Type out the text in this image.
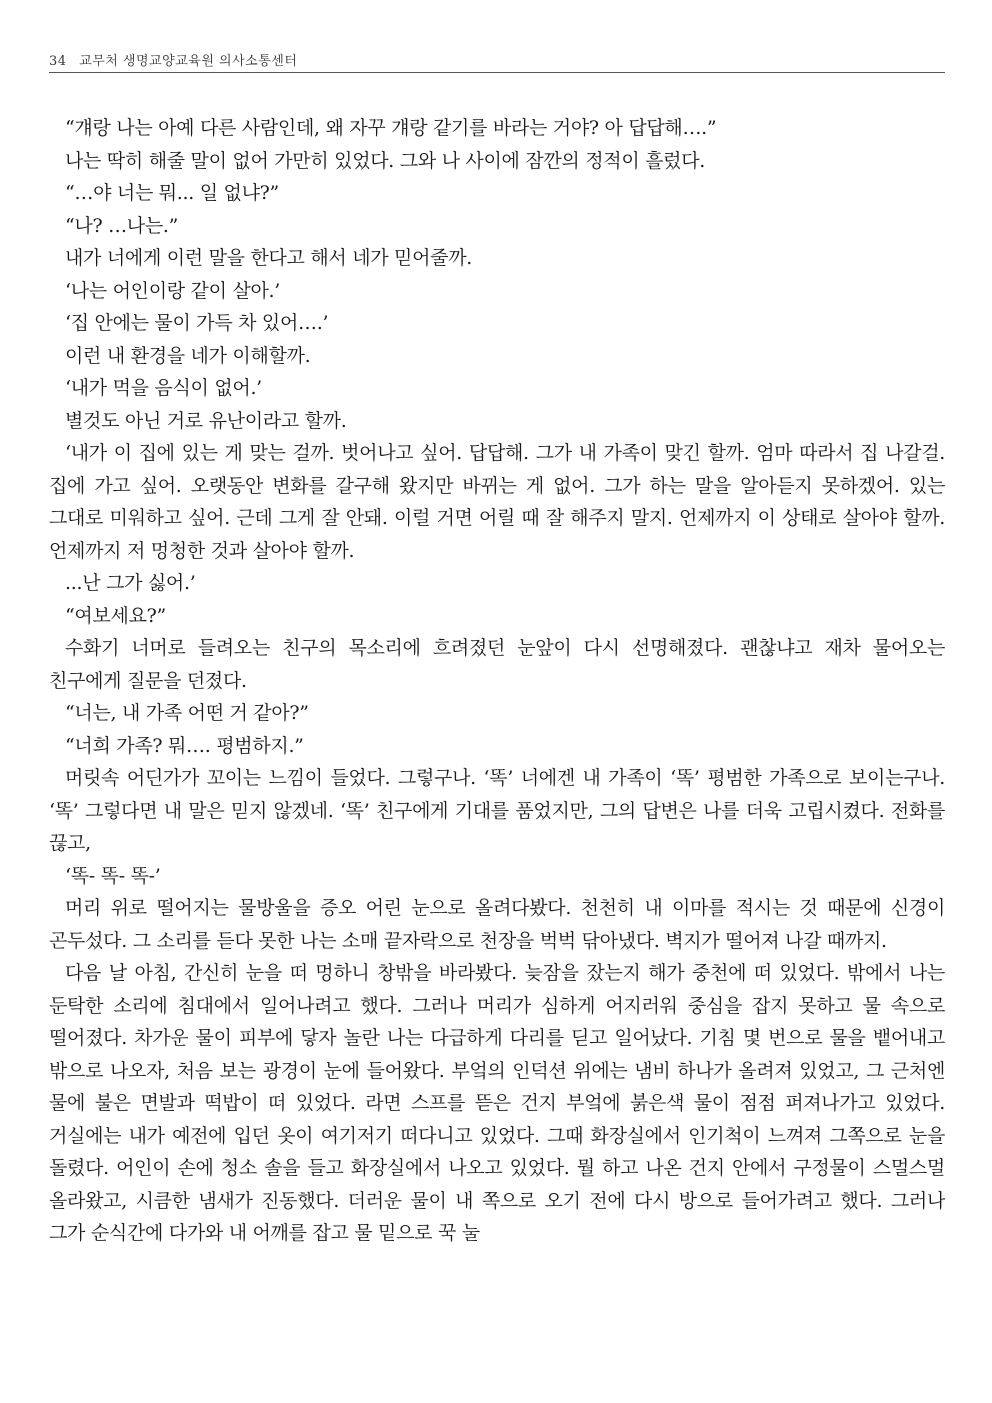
34 교무처 생명교양교육원 의사소통센터

“걔랑 나는 아예 다른 사람인데, 왜 자꾸 걔랑 같기를 바라는 거야? 아 답답해….”

나는 딱히 해줄 말이 없어 가만히 있었다. 그와 나 사이에 잠깐의 정적이 흘렀다.

“…야 너는 뭐... 일 없냐?”

“나? …나는.”

내가 너에게 이런 말을 한다고 해서 네가 믿어줄까.

‘나는 어인이랑 같이 살아.’

‘집 안에는 물이 가득 차 있어….’

이런 내 환경을 네가 이해할까.

‘내가 먹을 음식이 없어.’

별것도 아닌 거로 유난이라고 할까.

‘내가 이 집에 있는 게 맞는 걸까. 벗어나고 싶어. 답답해. 그가 내 가족이 맞긴 할까. 엄마 따라서 집 나갈걸. 집에 가고 싶어. 오랫동안 변화를 갈구해 왔지만 바뀌는 게 없어. 그가 하는 말을 알아듣지 못하겠어. 있는 그대로 미워하고 싶어. 근데 그게 잘 안돼. 이럴 거면 어릴 때 잘 해주지 말지. 언제까지 이 상태로 살아야 할까. 언제까지 저 멍청한 것과 살아야 할까.

...난 그가 싫어.’

“여보세요?”

수화기 너머로 들려오는 친구의 목소리에 흐려졌던 눈앞이 다시 선명해졌다. 괜찮냐고 재차 물어오는 친구에게 질문을 던졌다.

“너는, 내 가족 어떤 거 같아?”

“너희 가족? 뭐…. 평범하지.”

머릿속 어딘가가 꼬이는 느낌이 들었다. 그렇구나. ‘똑’ 너에겐 내 가족이 ‘똑’ 평범한 가족으로 보이는구나. ‘똑’ 그렇다면 내 말은 믿지 않겠네. ‘똑’ 친구에게 기대를 품었지만, 그의 답변은 나를 더욱 고립시켰다. 전화를 끊고,

‘똑- 똑- 똑-’

머리 위로 떨어지는 물방울을 증오 어린 눈으로 올려다봤다. 천천히 내 이마를 적시는 것 때문에 신경이 곤두섰다. 그 소리를 듣다 못한 나는 소매 끝자락으로 천장을 벅벅 닦아냈다. 벽지가 떨어져 나갈 때까지.

다음 날 아침, 간신히 눈을 떠 멍하니 창밖을 바라봤다. 늦잠을 잤는지 해가 중천에 떠 있었다. 밖에서 나는 둔탁한 소리에 침대에서 일어나려고 했다. 그러나 머리가 심하게 어지러워 중심을 잡지 못하고 물 속으로 떨어졌다. 차가운 물이 피부에 닿자 놀란 나는 다급하게 다리를 딛고 일어났다. 기침 몇 번으로 물을 뱉어내고 밖으로 나오자, 처음 보는 광경이 눈에 들어왔다. 부엌의 인덕션 위에는 냄비 하나가 올려져 있었고, 그 근처엔 물에 불은 면발과 떡밥이 떠 있었다. 라면 스프를 뜯은 건지 부엌에 붉은색 물이 점점 퍼져나가고 있었다. 거실에는 내가 예전에 입던 옷이 여기저기 떠다니고 있었다. 그때 화장실에서 인기척이 느껴져 그쪽으로 눈을 돌렸다. 어인이 손에 청소 솔을 들고 화장실에서 나오고 있었다. 뭘 하고 나온 건지 안에서 구정물이 스멀스멀 올라왔고, 시큼한 냄새가 진동했다. 더러운 물이 내 쪽으로 오기 전에 다시 방으로 들어가려고 했다. 그러나 그가 순식간에 다가와 내 어깨를 잡고 물 밑으로 꾹 눌
